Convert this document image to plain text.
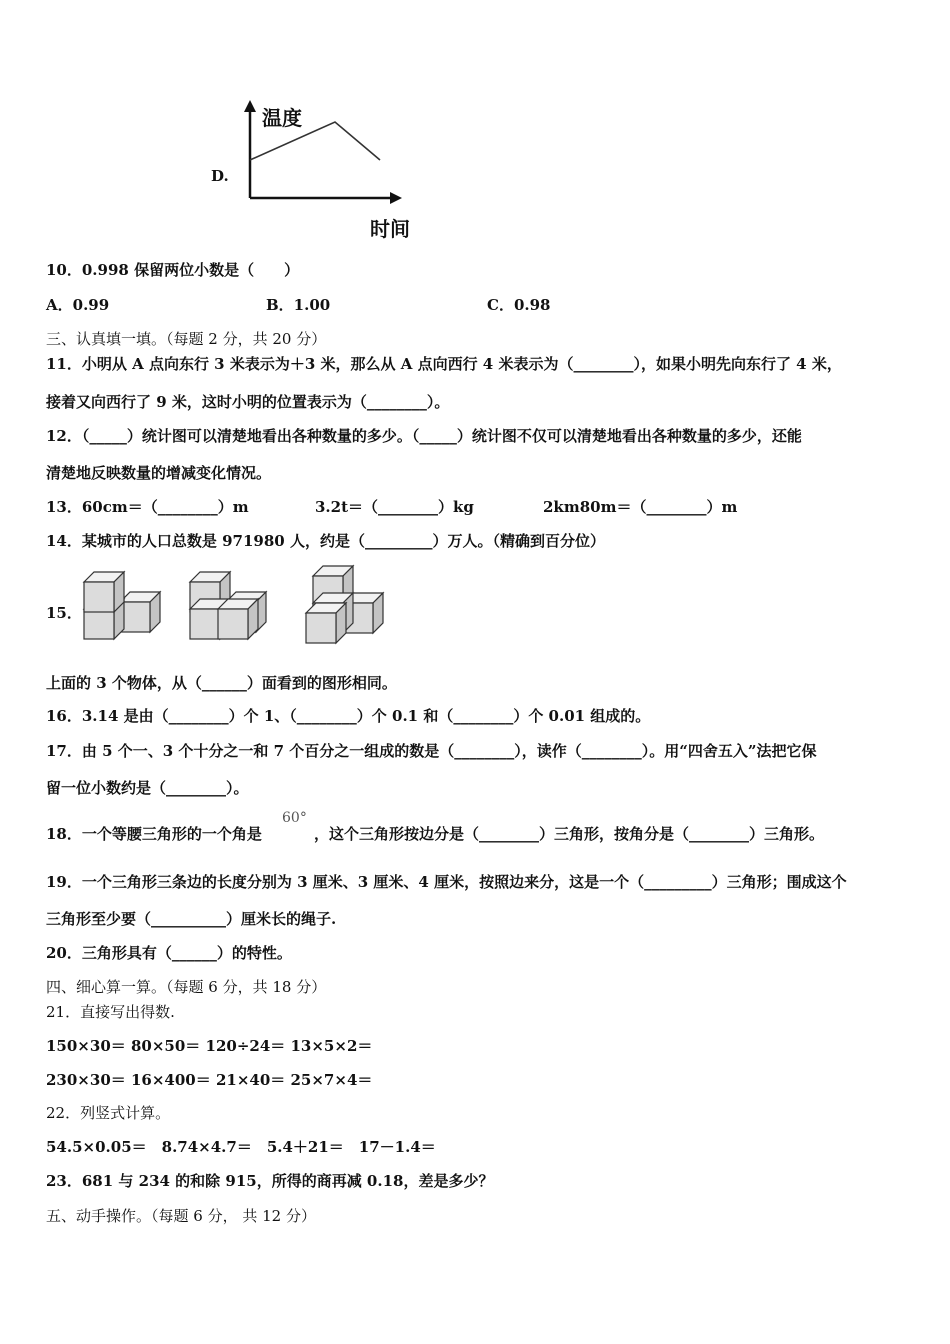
D.
温度
时间
10．0.998 保留两位小数是（　　）
A．0.99	B．1.00	C．0.98
三、认真填一填。（每题 2 分，共 20 分）
11．小明从 A 点向东行 3 米表示为＋3 米，那么从 A 点向西行 4 米表示为（________），如果小明先向东行了 4 米，
接着又向西行了 9 米，这时小明的位置表示为（________）。
12．（_____）统计图可以清楚地看出各种数量的多少。（_____）统计图不仅可以清楚地看出各种数量的多少，还能
清楚地反映数量的增减变化情况。
13．60cm＝（________）m	3.2t＝（________）kg	2km80m＝（________）m
14．某城市的人口总数是 971980 人，约是（_________）万人。（精确到百分位）
15．
上面的 3 个物体，从（______）面看到的图形相同。
16．3.14 是由（________）个 1、（________）个 0.1 和（________）个 0.01 组成的。
17．由 5 个一、3 个十分之一和 7 个百分之一组成的数是（________），读作（________）。用“四舍五入”法把它保
留一位小数约是（________）。
18．一个等腰三角形的一个角是
60°
，这个三角形按边分是（________）三角形，按角分是（________）三角形。
19．一个三角形三条边的长度分别为 3 厘米、3 厘米、4 厘米，按照边来分，这是一个（_________）三角形；围成这个
三角形至少要（__________）厘米长的绳子.
20．三角形具有（______）的特性。
四、细心算一算。（每题 6 分，共 18 分）
21．直接写出得数.
150×30＝ 80×50＝ 120÷24＝ 13×5×2＝
230×30＝ 16×400＝ 21×40＝ 25×7×4＝
22．列竖式计算。
54.5×0.05＝　8.74×4.7＝　5.4＋21＝　17－1.4＝
23．681 与 234 的和除 915，所得的商再减 0.18，差是多少？
五、动手操作。（每题 6 分， 共 12 分）
